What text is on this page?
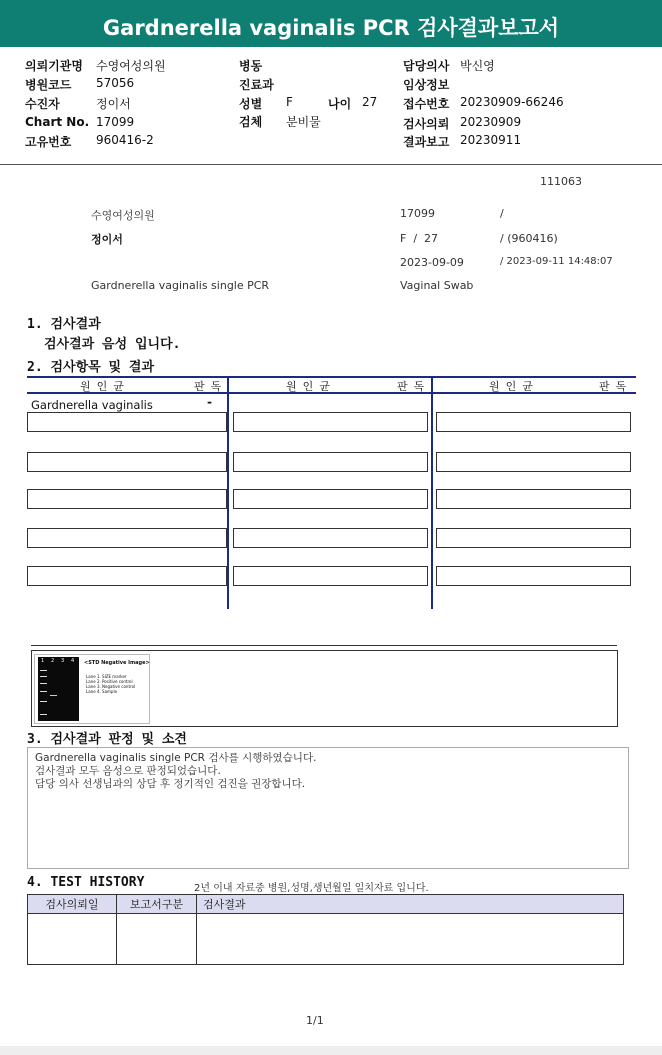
Gardnerella vaginalis PCR 검사결과보고서
의뢰기관명 수영여성의원	병동	담당의사 박신영
병원코드 57056	진료과	임상정보
수진자	정이서	성별 F	나이 27 접수번호 20230909-66246
Chart No. 17099	검체 분비물	검사의뢰 20230909
고유번호 960416-2	결과보고 20230911
111063
수영여성의원	17099	/
정이서	F  /  27	/ (960416)
2023-09-09	/ 2023-09-11 14:48:07
Gardnerella vaginalis single PCR	Vaginal Swab
1. 검사결과
검사결과 음성 입니다.
2. 검사항목 및 결과
원인균	판독	원인균	판독	원인균	판독
Gardnerella vaginalis	-
1 2 3 4 <STD Negative Image>
Lane 1. SIZE marker
Lane 2. Positive control
Lane 3. Negative control
Lane 4. Sample
3. 검사결과 판정 및 소견
Gardnerella vaginalis single PCR 검사를 시행하였습니다.
검사결과 모두 음성으로 판정되었습니다.
담당 의사 선생님과의 상담 후 정기적인 검진을 권장합니다.
4. TEST HISTORY	2년 이내 자료중 병원,성명,생년월일 일치자료 입니다.
검사의뢰일	보고서구분	검사결과

1/1
